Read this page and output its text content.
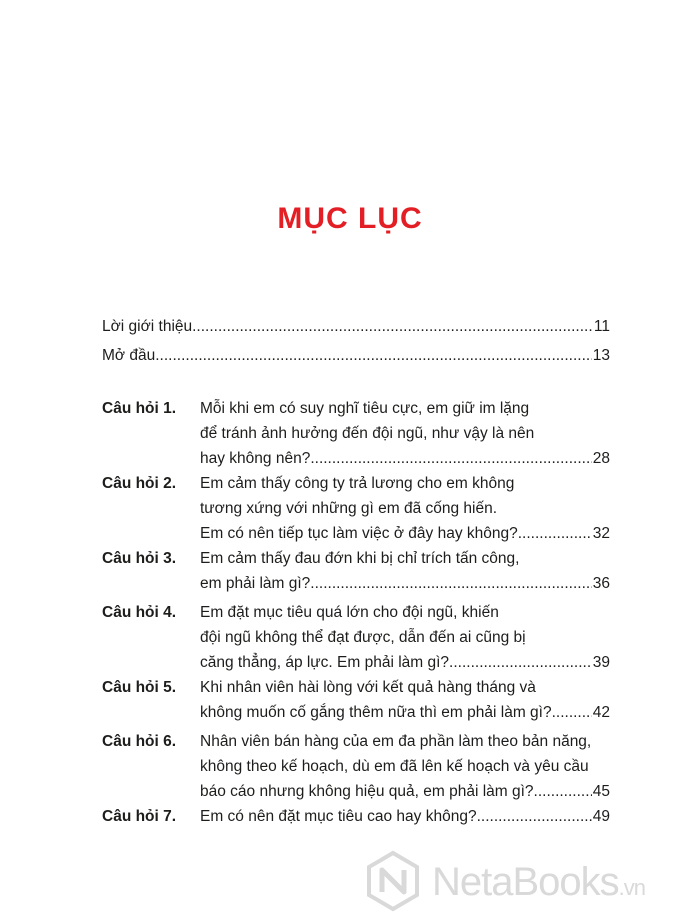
MỤC LỤC
Lời giới thiệu .....	11
Mở đầu... .....	13
Câu hỏi 1. Mỗi khi em có suy nghĩ tiêu cực, em giữ im lặng
để tránh ảnh hưởng đến đội ngũ, như vậy là nên
hay không nên? .....	28
Câu hỏi 2. Em cảm thấy công ty trả lương cho em không
tương xứng với những gì em đã cống hiến.
Em có nên tiếp tục làm việc ở đây hay không? .....	32
Câu hỏi 3. Em cảm thấy đau đớn khi bị chỉ trích tấn công,
em phải làm gì? .....	36
Câu hỏi 4. Em đặt mục tiêu quá lớn cho đội ngũ, khiến
đội ngũ không thể đạt được, dẫn đến ai cũng bị
căng thẳng, áp lực. Em phải làm gì? .....	39
Câu hỏi 5. Khi nhân viên hài lòng với kết quả hàng tháng và
không muốn cố gắng thêm nữa thì em phải làm gì? .....	42
Câu hỏi 6. Nhân viên bán hàng của em đa phần làm theo bản năng,
không theo kế hoạch, dù em đã lên kế hoạch và yêu cầu
báo cáo nhưng không hiệu quả, em phải làm gì? .....	45
Câu hỏi 7. Em có nên đặt mục tiêu cao hay không? .....	49
NetaBooks.vn
